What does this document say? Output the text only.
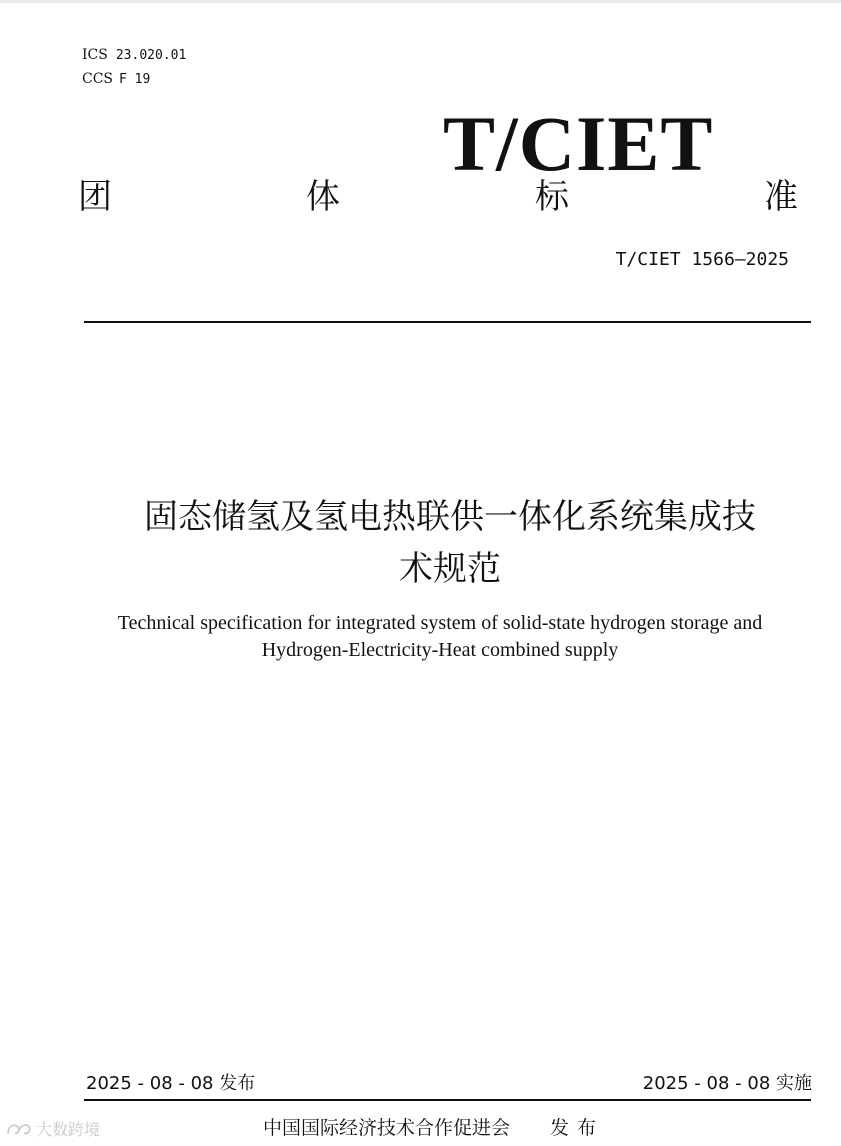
ICS 23.020.01
CCS F 19
T/CIET
团	体	标	准
T/CIET 1566—2025
固态储氢及氢电热联供一体化系统集成技
术规范
Technical specification for integrated system of solid-state hydrogen storage and
Hydrogen-Electricity-Heat combined supply
2025 - 08 - 08 发布	2025 - 08 - 08 实施
中国国际经济技术合作促进会 发布
大数跨境
